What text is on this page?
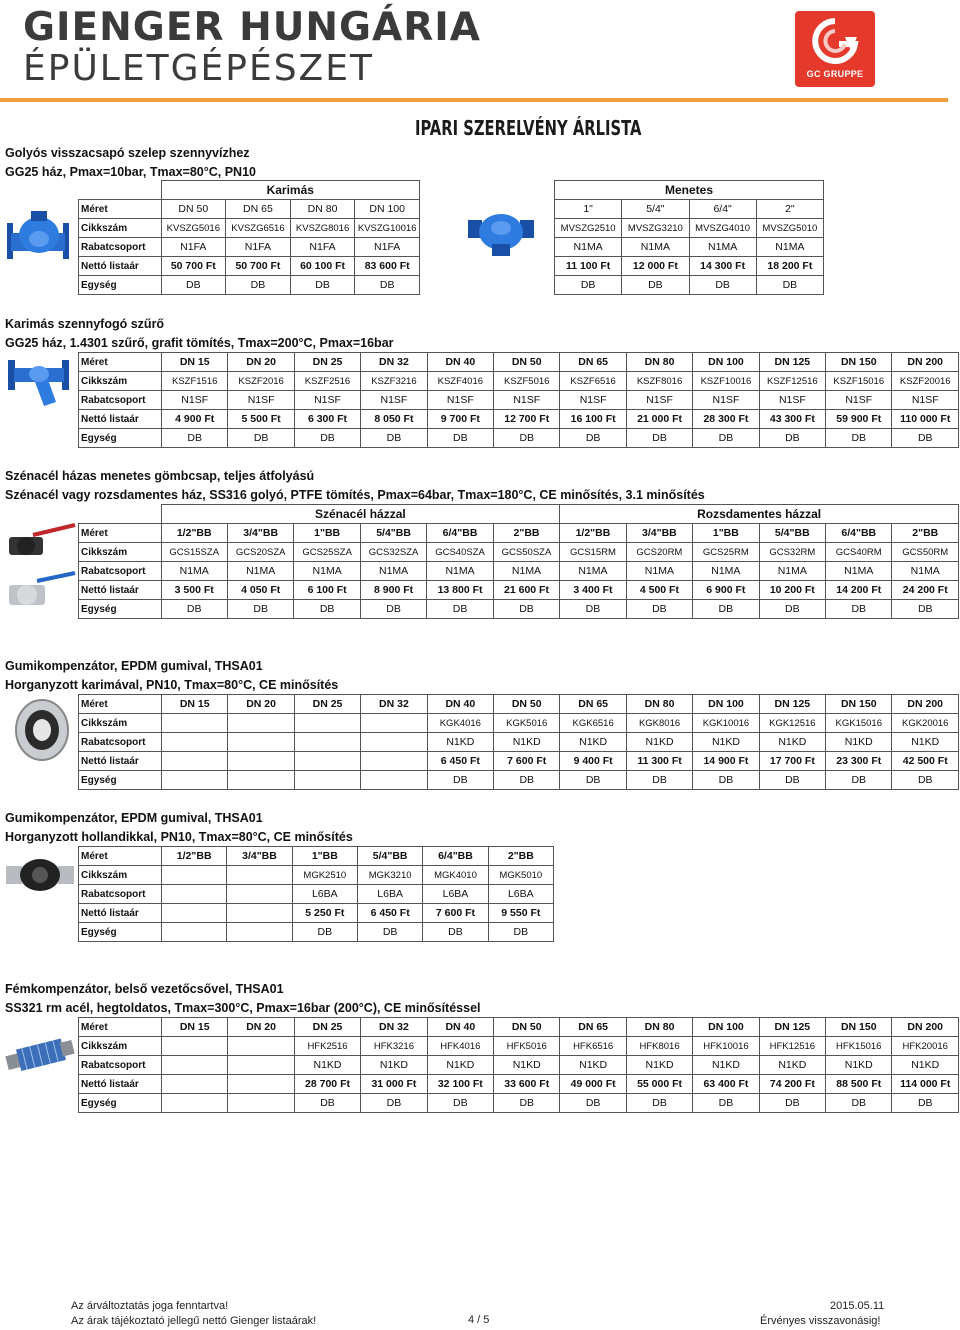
GIENGER HUNGÁRIA
ÉPÜLETGÉPÉSZET	GC GRUPPE
IPARI SZERELVÉNY ÁRLISTA
Golyós visszacsapó szelep szennyvízhez
GG25 ház, Pmax=10bar, Tmax=80°C, PN10
	Karimás			
Méret	DN 50	DN 65	DN 80	DN 100
Cikkszám	KVSZG5016	KVSZG6516	KVSZG8016	KVSZG10016
Rabatcsoport	N1FA	N1FA	N1FA	N1FA
Nettó listaár	50 700 Ft	50 700 Ft	60 100 Ft	83 600 Ft
Egység	DB	DB	DB	DB
Menetes			
1"	5/4"	6/4"	2"
MVSZG2510	MVSZG3210	MVSZG4010	MVSZG5010
N1MA	N1MA	N1MA	N1MA
11 100 Ft	12 000 Ft	14 300 Ft	18 200 Ft
DB	DB	DB	DB
Karimás szennyfogó szűrő
GG25 ház, 1.4301 szűrő, grafit tömítés, Tmax=200°C, Pmax=16bar
Méret	DN 15	DN 20	DN 25	DN 32	DN 40	DN 50	DN 65	DN 80	DN 100	DN 125	DN 150	DN 200
Cikkszám	KSZF1516	KSZF2016	KSZF2516	KSZF3216	KSZF4016	KSZF5016	KSZF6516	KSZF8016	KSZF10016	KSZF12516	KSZF15016	KSZF20016
Rabatcsoport	N1SF	N1SF	N1SF	N1SF	N1SF	N1SF	N1SF	N1SF	N1SF	N1SF	N1SF	N1SF
Nettó listaár	4 900 Ft	5 500 Ft	6 300 Ft	8 050 Ft	9 700 Ft	12 700 Ft	16 100 Ft	21 000 Ft	28 300 Ft	43 300 Ft	59 900 Ft	110 000 Ft
Egység	DB	DB	DB	DB	DB	DB	DB	DB	DB	DB	DB	DB
Szénacél házas menetes gömbcsap, teljes átfolyású
Szénacél vagy rozsdamentes ház, SS316 golyó, PTFE tömítés, Pmax=64bar, Tmax=180°C, CE minősítés, 3.1 minősítés
	Szénacél házzal						Rozsdamentes házzal					
Méret	1/2"BB	3/4"BB	1"BB	5/4"BB	6/4"BB	2"BB	1/2"BB	3/4"BB	1"BB	5/4"BB	6/4"BB	2"BB
Cikkszám	GCS15SZA	GCS20SZA	GCS25SZA	GCS32SZA	GCS40SZA	GCS50SZA	GCS15RM	GCS20RM	GCS25RM	GCS32RM	GCS40RM	GCS50RM
Rabatcsoport	N1MA	N1MA	N1MA	N1MA	N1MA	N1MA	N1MA	N1MA	N1MA	N1MA	N1MA	N1MA
Nettó listaár	3 500 Ft	4 050 Ft	6 100 Ft	8 900 Ft	13 800 Ft	21 600 Ft	3 400 Ft	4 500 Ft	6 900 Ft	10 200 Ft	14 200 Ft	24 200 Ft
Egység	DB	DB	DB	DB	DB	DB	DB	DB	DB	DB	DB	DB
Gumikompenzátor, EPDM gumival, THSA01
Horganyzott karimával, PN10, Tmax=80°C, CE minősítés
Méret	DN 15	DN 20	DN 25	DN 32	DN 40	DN 50	DN 65	DN 80	DN 100	DN 125	DN 150	DN 200
Cikkszám					KGK4016	KGK5016	KGK6516	KGK8016	KGK10016	KGK12516	KGK15016	KGK20016
Rabatcsoport					N1KD	N1KD	N1KD	N1KD	N1KD	N1KD	N1KD	N1KD
Nettó listaár					6 450 Ft	7 600 Ft	9 400 Ft	11 300 Ft	14 900 Ft	17 700 Ft	23 300 Ft	42 500 Ft
Egység					DB	DB	DB	DB	DB	DB	DB	DB
Gumikompenzátor, EPDM gumival, THSA01
Horganyzott hollandikkal, PN10, Tmax=80°C, CE minősítés
Méret	1/2"BB	3/4"BB	1"BB	5/4"BB	6/4"BB	2"BB
Cikkszám			MGK2510	MGK3210	MGK4010	MGK5010
Rabatcsoport			L6BA	L6BA	L6BA	L6BA
Nettó listaár			5 250 Ft	6 450 Ft	7 600 Ft	9 550 Ft
Egység			DB	DB	DB	DB
Fémkompenzátor, belső vezetőcsővel, THSA01
SS321 rm acél, hegtoldatos, Tmax=300°C, Pmax=16bar (200°C), CE minősítéssel
Méret	DN 15	DN 20	DN 25	DN 32	DN 40	DN 50	DN 65	DN 80	DN 100	DN 125	DN 150	DN 200
Cikkszám			HFK2516	HFK3216	HFK4016	HFK5016	HFK6516	HFK8016	HFK10016	HFK12516	HFK15016	HFK20016
Rabatcsoport			N1KD	N1KD	N1KD	N1KD	N1KD	N1KD	N1KD	N1KD	N1KD	N1KD
Nettó listaár			28 700 Ft	31 000 Ft	32 100 Ft	33 600 Ft	49 000 Ft	55 000 Ft	63 400 Ft	74 200 Ft	88 500 Ft	114 000 Ft
Egység			DB	DB	DB	DB	DB	DB	DB	DB	DB	DB
Az árváltoztatás joga fenntartva!
Az árak tájékoztató jellegű nettó Gienger listaárak!	4 / 5
2015.05.11
Érvényes visszavonásig!
